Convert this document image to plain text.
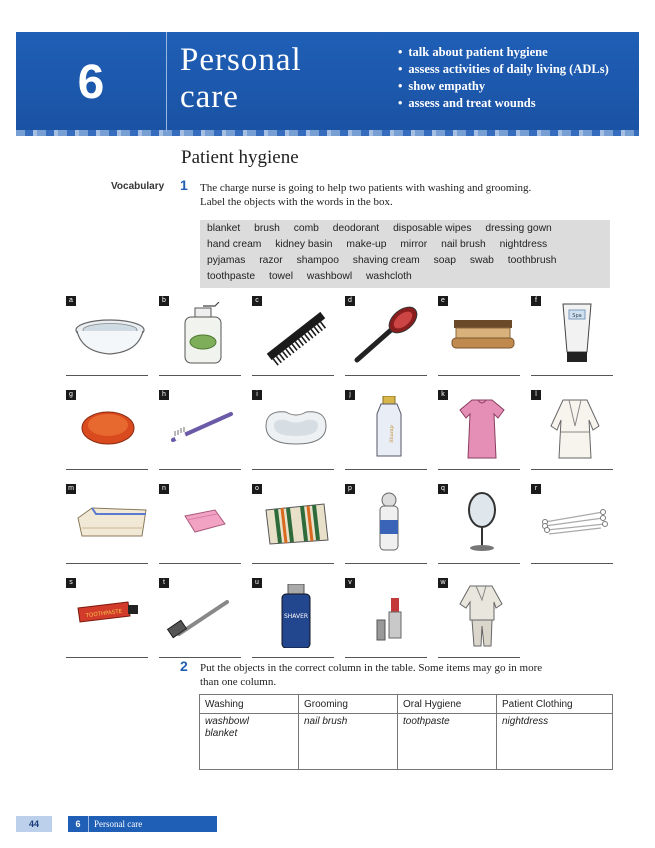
6	Personal
care
• talk about patient hygiene
• assess activities of daily living (ADLs)
• show empathy
• assess and treat wounds
Patient hygiene
Vocabulary 1 The charge nurse is going to help two patients with washing and grooming.
Label the objects with the words in the box.
blanket brush comb deodorant disposable wipes dressing gown
hand cream kidney basin make-up mirror nail brush nightdress
pyjamas razor shampoo shaving cream soap swab toothbrush
toothpaste towel washbowl washcloth
a	b	c	d	e	f
Spa
g	h	i	j
Shamp
k	l
m	n	o	p	q	r
s
TOOTHPASTE
t	u
SHAVER
v	w
2 Put the objects in the correct column in the table. Some items may go in more
than one column.
Washing	Grooming	Oral Hygiene	Patient Clothing

washbowl
blanket	nail brush	toothpaste	nightdress
44	6	Personal care
